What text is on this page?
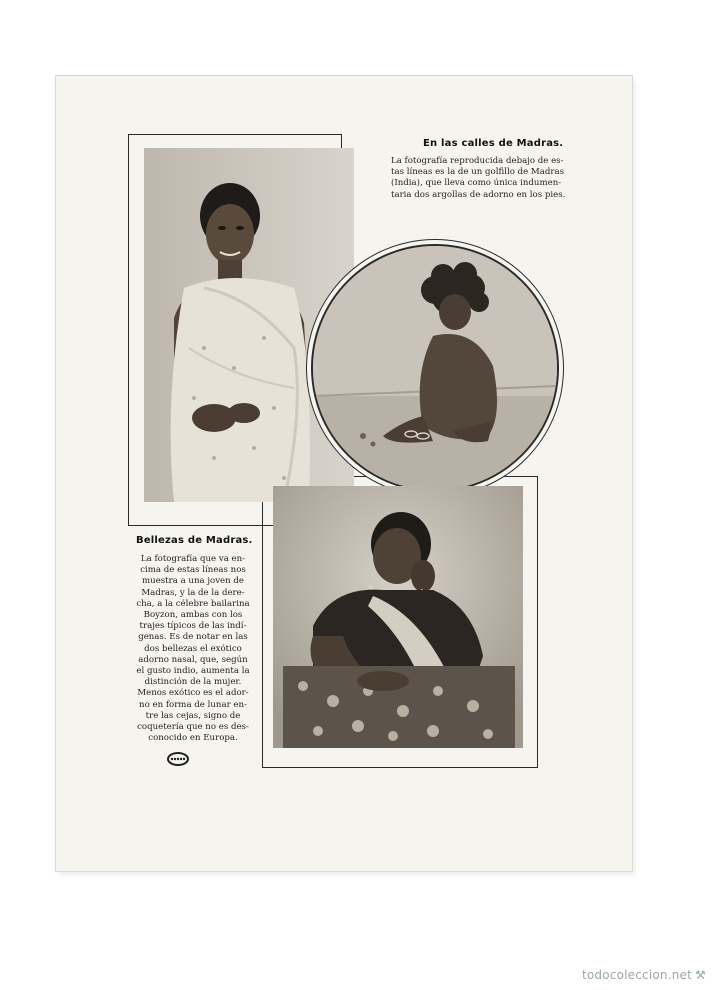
En las calles de Madras.
La fotografía reproducida debajo de es-
tas líneas es la de un golfillo de Madras
(India), que lleva como única indumen-
taria dos argollas de adorno en los pies.
Bellezas de Madras.
La fotografía que va en-
cima de estas líneas nos
muestra a una joven de
Madras, y la de la dere-
cha, a la célebre bailarina
Boyzon, ambas con los
trajes típicos de las indí-
genas. Es de notar en las
dos bellezas el exótico
adorno nasal, que, según
el gusto indio, aumenta la
distinción de la mujer.
Menos exótico es el ador-
no en forma de lunar en-
tre las cejas, signo de
coquetería que no es des-
conocido en Europa.
todocoleccion.net ⚒
